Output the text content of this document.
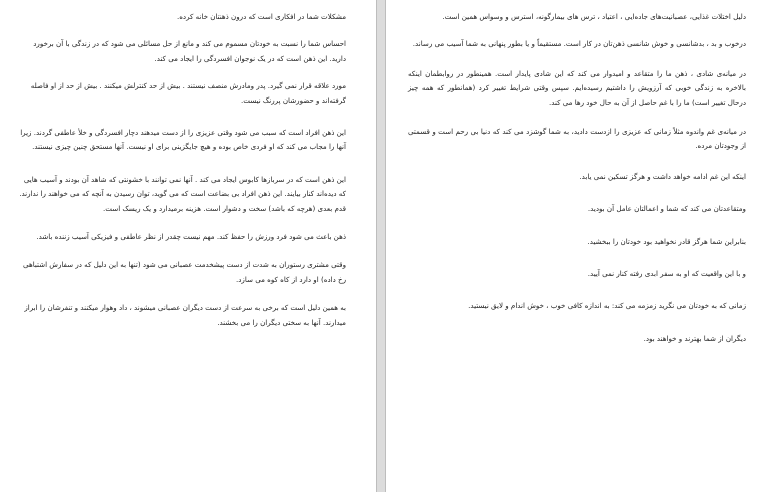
مشکلات شما در افکاری است که درون ذهنتان خانه کرده.

احساس شما را نسبت به خودتان مسموم می کند و مانع از حل مسائلی می شود که در زندگی با آن برخورد دارید. این ذهن است که در یک نوجوان افسردگی را ایجاد می کند.

مورد علاقه قرار نمی گیرد. پدر ومادرش منصف نیستند . بیش از حد کنترلش میکنند . بیش از حد از او فاصله گرفته‌اند و حضورشان پررنگ نیست.

این ذهن افراد است که سبب می شود وقتی عزیزی را از دست میدهند دچار افسردگی و خلأ عاطفی گردند. زیرا آنها را مجاب می کند که او فردی خاص بوده و هیچ جایگزینی برای او نیست. آنها مستحق چنین چیزی نیستند.

این ذهن است که در سربازها کابوس ایجاد می کند . آنها نمی توانند با خشونتی که شاهد آن بودند و آسیب هایی که دیده‌اند کنار بیایند. این ذهن افراد بی بضاعت است که می گوید، توان رسیدن به آنچه که می خواهند را ندارند. قدم بعدی (هرچه که باشد) سخت و دشوار است. هزینه برمیدارد و یک ریسک است.

ذهن باعث می شود فرد ورزش را حفظ کند. مهم نیست چقدر از نظر عاطفی و فیزیکی آسیب زننده باشد.

وقتی مشتری رستوران به شدت از دست پیشخدمت عصبانی می شود (تنها به این دلیل که در سفارش اشتباهی رخ داده) او دارد از کاه کوه می سازد.

به همین دلیل است که برخی به سرعت از دست دیگران عصبانی میشوند ، داد وهوار میکنند و تنفرشان را ابراز میدارند. آنها به سختی دیگران را می بخشند.

دلیل اختلات غذایی، عصبانیت‌های جاده‌ایی ، اعتیاد ، ترس های بیمارگونه، استرس و وسواس همین است.

درخوب و بد ، بدشانسی و خوش شانسی ذهن‌تان در کار است. مستقیماً و یا بطور پنهانی به شما آسیب می رساند.

در میانه‌ی شادی ، ذهن ما را متقاعد و امیدوار می کند که این شادی پایدار است. همینطور در روابطمان اینکه بالاخره به زندگی خوبی که آرزویش را داشتیم رسیده‌ایم. سپس وقتی شرایط تغییر کرد (همانطور که همه چیز درحال تغییر است) ما را با غم حاصل از آن به حال خود رها می کند.

در میانه‌ی غم واندوه مثلاً زمانی که عزیزی را ازدست دادید، به شما گوشزد می کند که دنیا بی رحم است و قسمتی از وجودتان مرده.

اینکه این غم ادامه خواهد داشت و هرگز تسکین نمی یابد.

ومتقاعدتان می کند که شما و اعمالتان عامل آن بودید.

بنابراین شما هرگز قادر نخواهید بود خودتان را ببخشید.

و با این واقعیت که او به سفر ابدی رفته کنار نمی آیید.

زمانی که به خودتان می نگرید زمزمه می کند: به اندازه کافی خوب ، خوش اندام و لایق نیستید.

دیگران از شما بهترند و خواهند بود.
